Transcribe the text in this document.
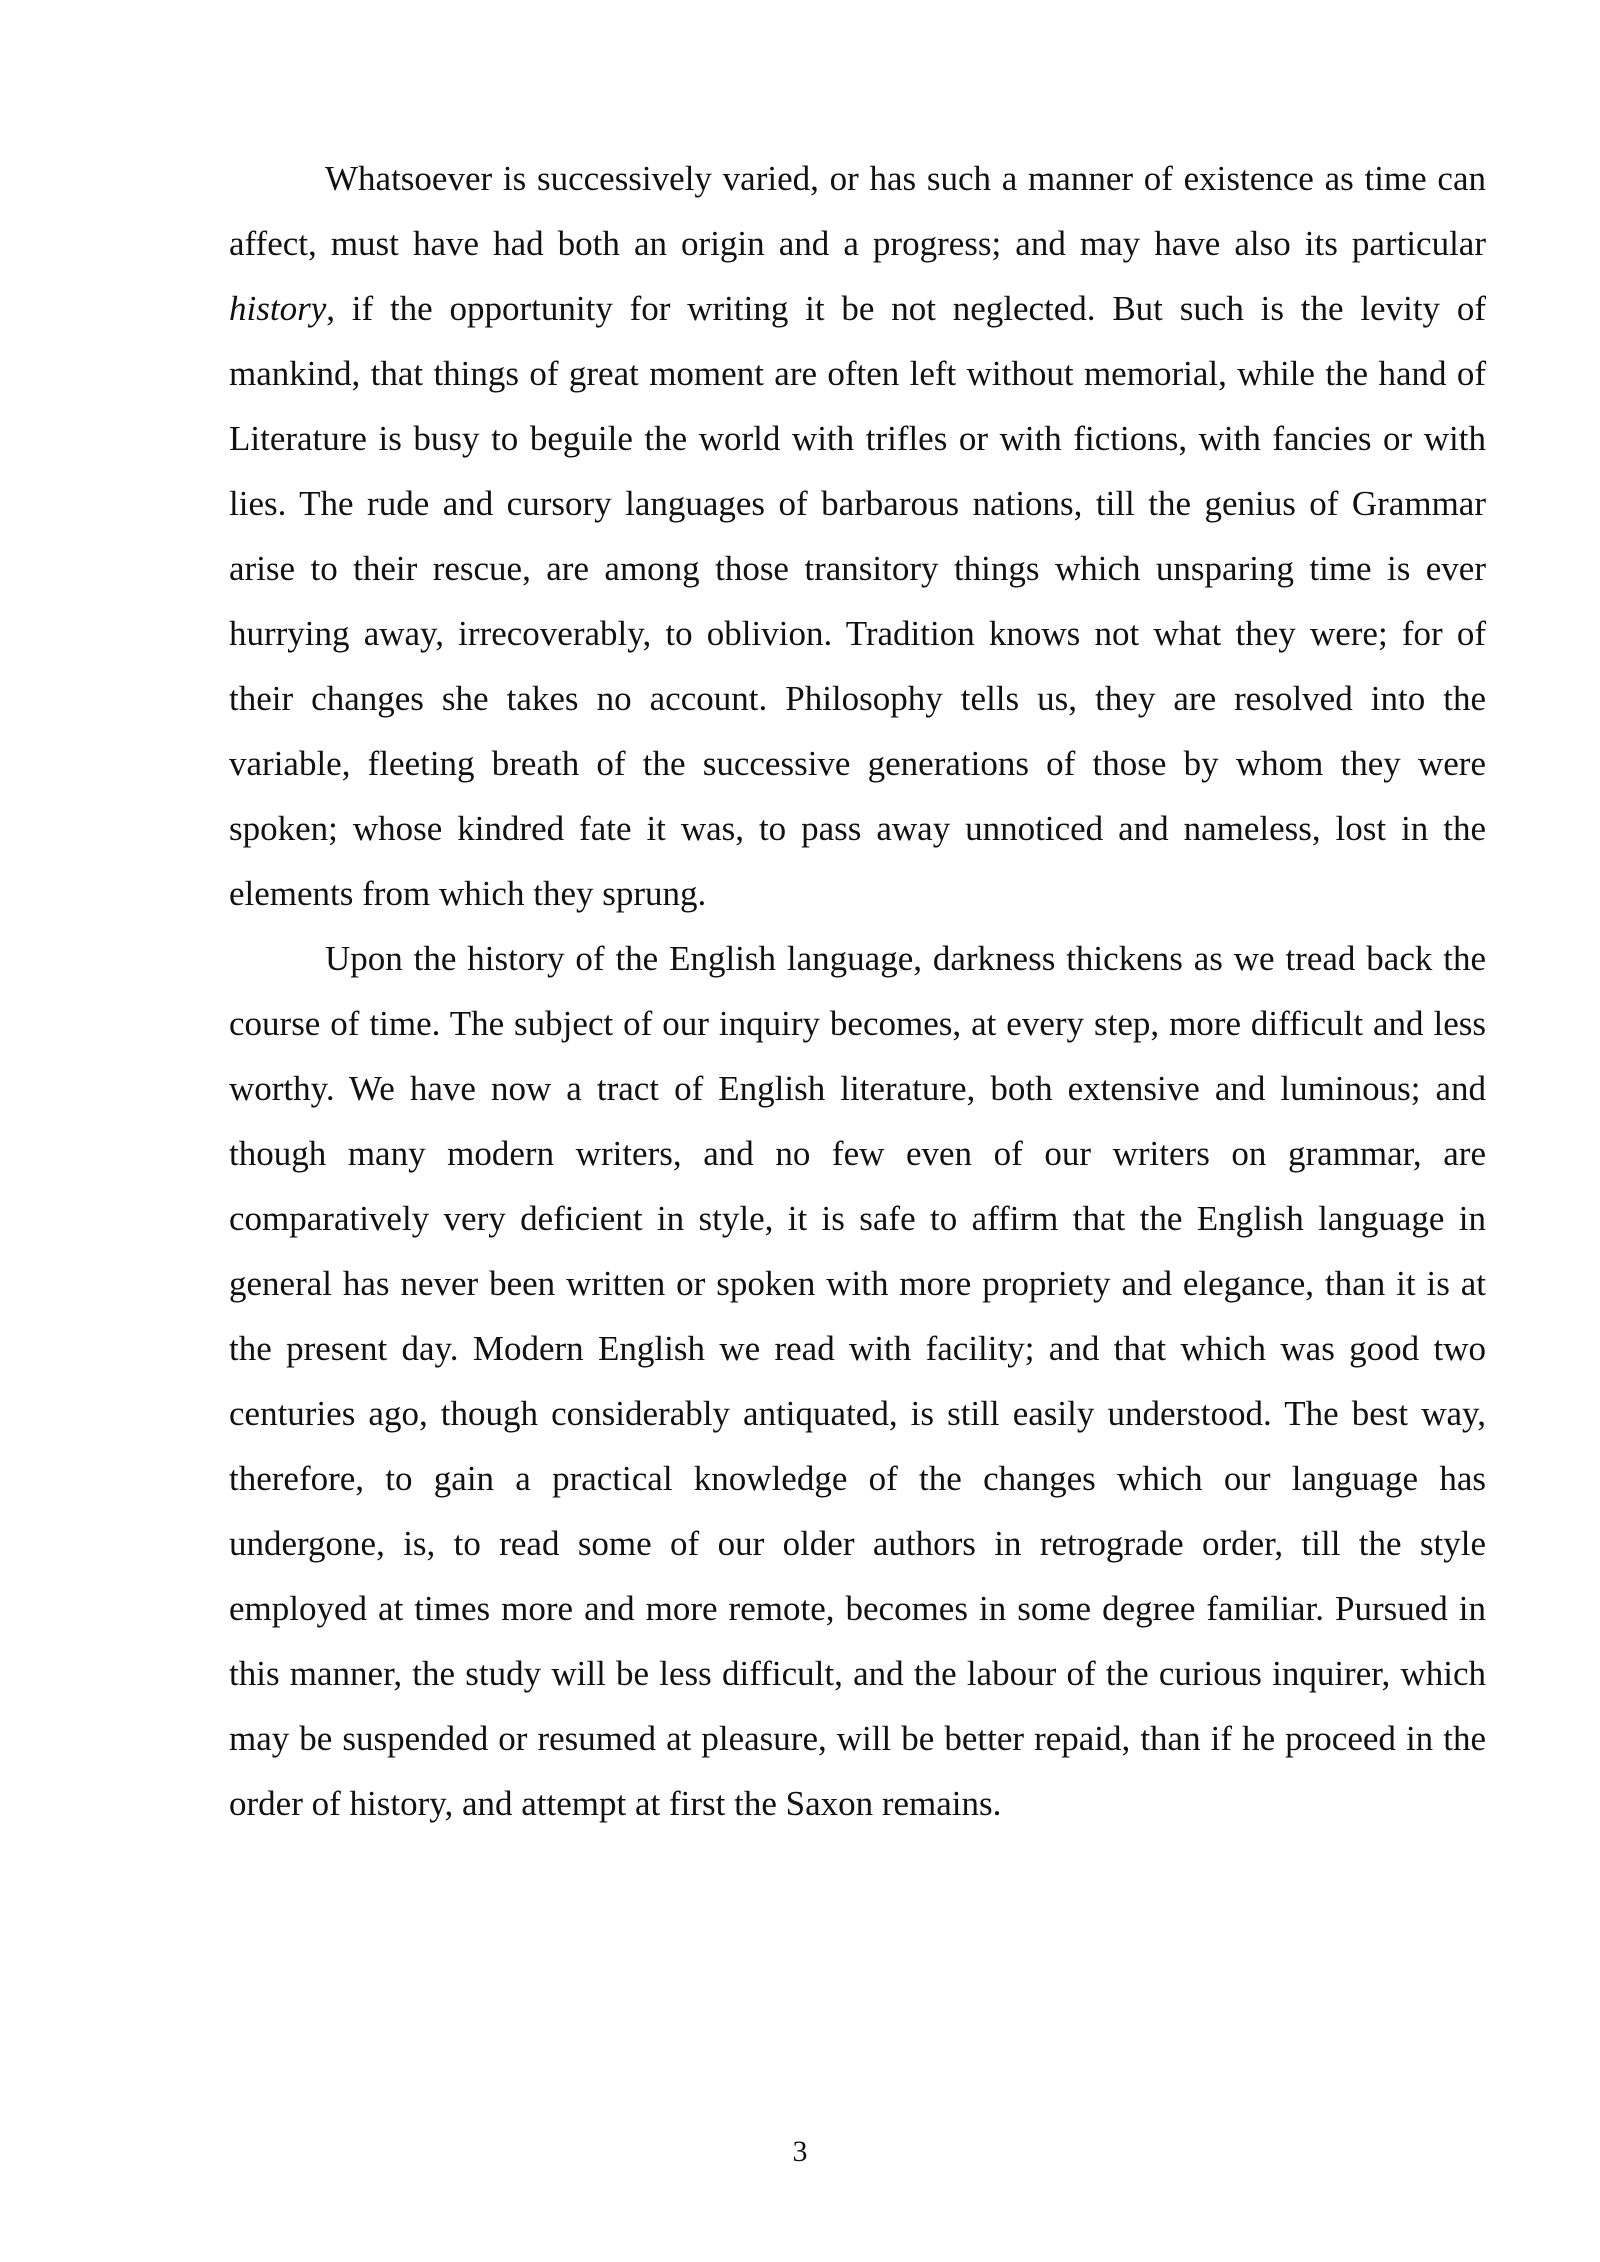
Whatsoever is successively varied, or has such a manner of existence as time can affect, must have had both an origin and a progress; and may have also its particular history, if the opportunity for writing it be not neglected. But such is the levity of mankind, that things of great moment are often left without memorial, while the hand of Literature is busy to beguile the world with trifles or with fictions, with fancies or with lies. The rude and cursory languages of barbarous nations, till the genius of Grammar arise to their rescue, are among those transitory things which unsparing time is ever hurrying away, irrecoverably, to oblivion. Tradition knows not what they were; for of their changes she takes no account. Philosophy tells us, they are resolved into the variable, fleeting breath of the successive generations of those by whom they were spoken; whose kindred fate it was, to pass away unnoticed and nameless, lost in the elements from which they sprung.

Upon the history of the English language, darkness thickens as we tread back the course of time. The subject of our inquiry becomes, at every step, more difficult and less worthy. We have now a tract of English literature, both extensive and luminous; and though many modern writers, and no few even of our writers on grammar, are comparatively very deficient in style, it is safe to affirm that the English language in general has never been written or spoken with more propriety and elegance, than it is at the present day. Modern English we read with facility; and that which was good two centuries ago, though considerably antiquated, is still easily understood. The best way, therefore, to gain a practical knowledge of the changes which our language has undergone, is, to read some of our older authors in retrograde order, till the style employed at times more and more remote, becomes in some degree familiar. Pursued in this manner, the study will be less difficult, and the labour of the curious inquirer, which may be suspended or resumed at pleasure, will be better repaid, than if he proceed in the order of history, and attempt at first the Saxon remains.

3
